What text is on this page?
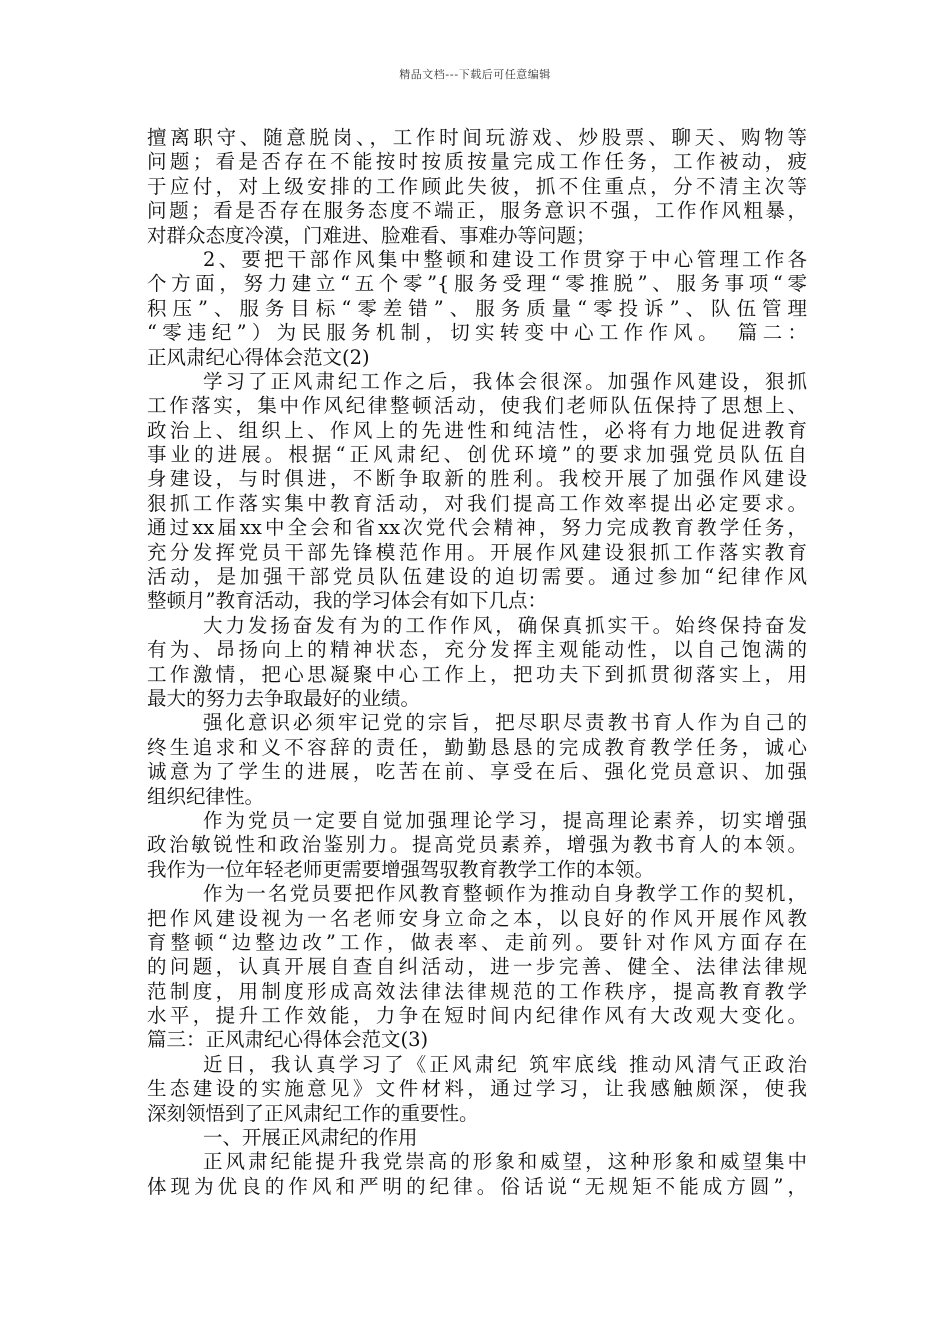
精品文档---下载后可任意编辑
擅离职守、随意脱岗、，工作时间玩游戏、炒股票、聊天、购物等
问题；看是否存在不能按时按质按量完成工作任务，工作被动，疲
于应付，对上级安排的工作顾此失彼，抓不住重点，分不清主次等
问题；看是否存在服务态度不端正，服务意识不强，工作作风粗暴，
对群众态度冷漠，门难进、脸难看、事难办等问题；
2、要把干部作风集中整顿和建设工作贯穿于中心管理工作各
个方面，努力建立“五个零”{服务受理“零推脱”、服务事项“零
积压”、服务目标“零差错”、服务质量“零投诉”、队伍管理
“零违纪”）为民服务机制，切实转变中心工作作风。　篇二：
正风肃纪心得体会范文(2)
学习了正风肃纪工作之后，我体会很深。加强作风建设，狠抓
工作落实，集中作风纪律整顿活动，使我们老师队伍保持了思想上、
政治上、组织上、作风上的先进性和纯洁性，必将有力地促进教育
事业的进展。根据“正风肃纪、创优环境”的要求加强党员队伍自
身建设，与时俱进，不断争取新的胜利。我校开展了加强作风建设
狠抓工作落实集中教育活动，对我们提高工作效率提出必定要求。
通过xx届xx中全会和省xx次党代会精神，努力完成教育教学任务，
充分发挥党员干部先锋模范作用。开展作风建设狠抓工作落实教育
活动，是加强干部党员队伍建设的迫切需要。通过参加“纪律作风
整顿月”教育活动，我的学习体会有如下几点：
大力发扬奋发有为的工作作风，确保真抓实干。始终保持奋发
有为、昂扬向上的精神状态，充分发挥主观能动性，以自己饱满的
工作激情，把心思凝聚中心工作上，把功夫下到抓贯彻落实上，用
最大的努力去争取最好的业绩。
强化意识必须牢记党的宗旨，把尽职尽责教书育人作为自己的
终生追求和义不容辞的责任，勤勤恳恳的完成教育教学任务，诚心
诚意为了学生的进展，吃苦在前、享受在后、强化党员意识、加强
组织纪律性。
作为党员一定要自觉加强理论学习，提高理论素养，切实增强
政治敏锐性和政治鉴别力。提高党员素养，增强为教书育人的本领。
我作为一位年轻老师更需要增强驾驭教育教学工作的本领。
作为一名党员要把作风教育整顿作为推动自身教学工作的契机，
把作风建设视为一名老师安身立命之本，以良好的作风开展作风教
育整顿“边整边改”工作，做表率、走前列。要针对作风方面存在
的问题，认真开展自查自纠活动，进一步完善、健全、法律法律规
范制度，用制度形成高效法律法律规范的工作秩序，提高教育教学
水平，提升工作效能，力争在短时间内纪律作风有大改观大变化。
篇三：正风肃纪心得体会范文(3)
近日，我认真学习了《正风肃纪 筑牢底线 推动风清气正政治
生态建设的实施意见》文件材料，通过学习，让我感触颇深，使我
深刻领悟到了正风肃纪工作的重要性。
一、开展正风肃纪的作用
正风肃纪能提升我党崇高的形象和威望，这种形象和威望集中
体现为优良的作风和严明的纪律。俗话说“无规矩不能成方圆”，
